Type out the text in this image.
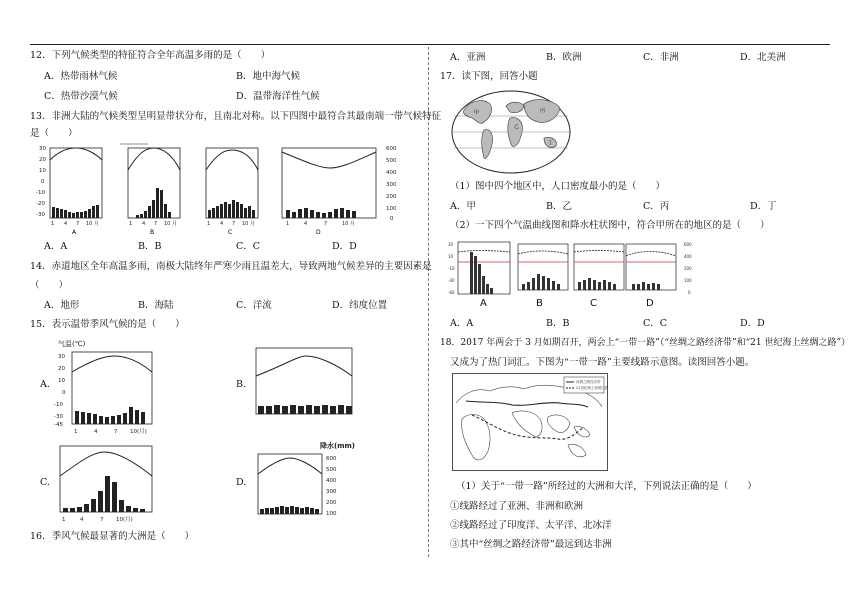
12．下列气候类型的特征符合全年高温多雨的是（　　）
A．热带雨林气候	B．地中海气候
C．热带沙漠气候	D．温带海洋性气候
13．非洲大陆的气候类型呈明显带状分布，且南北对称。以下四图中最符合其最南端一带气候特征
是（　　）
30
20
10
0
-10
-20
-30
600
500
400
300
200
100
0
1 4 7 10 月
A
1 4 7 10 月
B
1 4 7 10 月
C
1	4	7	10 月
D
A．A	B．B	C．C	D．D
14．赤道地区全年高温多雨，南极大陆终年严寒少雨且温差大，导致两地气候差异的主要因素是
（　　）
A．地形	B．海陆	C．洋流	D．纬度位置
15．表示温带季风气候的是（　　）
气温(℃)
30
20
10
0
-10
-30
-45
1	4	7 10(月)
1	4	7 10(月)
降水(mm)
600
500
400
300
200
100
A.	B.
C.	D.
16．季风气候最显著的大洲是（　　）
A．亚洲	B．欧洲	C．非洲	D．北美洲
17．读下图，回答小题
甲
乙
丙
丁
（1）图中四个地区中，人口密度最小的是（　　）
A．甲	B．乙	C．丙	D．丁
（2）一下四个气温曲线图和降水柱状图中，符合甲所在的地区的是（　　）
30
10
-10
-30
-60
A	B	C	D
600
400
200
100
0
A．A	B．B	C．C	D．D
18．2017 年两会于 3 月如期召开，两会上“一带一路”（“丝绸之路经济带”和“21 世纪海上丝绸之路”）
又成为了热门词汇。下图为“一带一路”主要线路示意图。读图回答小题。
丝绸之路经济带
21世纪海上丝绸之路
（1）关于“一带一路”所经过的大洲和大洋，下列说法正确的是（　　）
①线路经过了亚洲、非洲和欧洲
②线路经过了印度洋、太平洋、北冰洋
③其中“丝绸之路经济带”最远到达非洲
